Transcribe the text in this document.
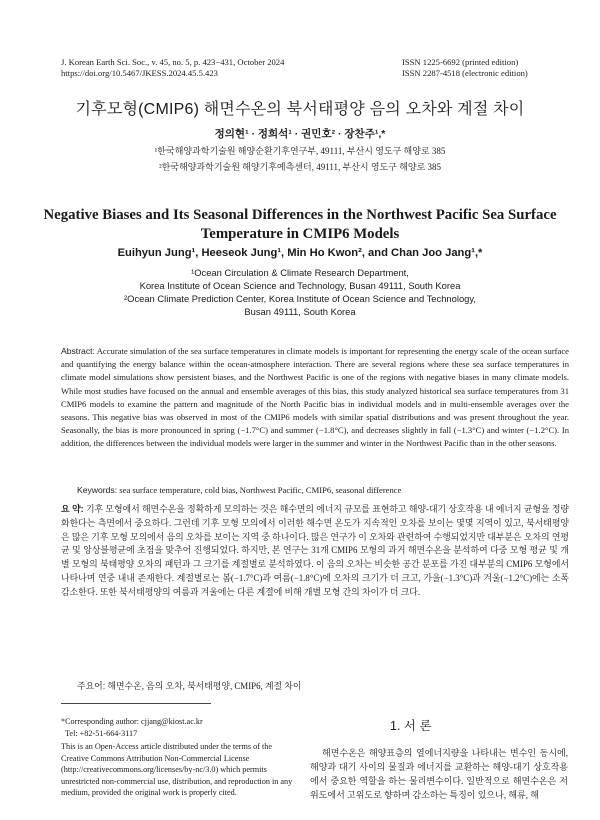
J. Korean Earth Sci. Soc., v. 45, no. 5, p. 423−431, October 2024
https://doi.org/10.5467/JKESS.2024.45.5.423
ISSN 1225-6692 (printed edition)
ISSN 2287-4518 (electronic edition)
기후모형(CMIP6) 해면수온의 북서태평양 음의 오차와 계절 차이
정의현¹ · 정희석¹ · 권민호² · 장찬주¹,*
¹한국해양과학기술원 해양순환기후연구부, 49111, 부산시 영도구 해양로 385
²한국해양과학기술원 해양기후예측센터, 49111, 부산시 영도구 해양로 385
Negative Biases and Its Seasonal Differences in the Northwest Pacific Sea Surface Temperature in CMIP6 Models
Euihyun Jung¹, Heeseok Jung¹, Min Ho Kwon², and Chan Joo Jang¹,*
¹Ocean Circulation & Climate Research Department,
Korea Institute of Ocean Science and Technology, Busan 49111, South Korea
²Ocean Climate Prediction Center, Korea Institute of Ocean Science and Technology,
Busan 49111, South Korea
Abstract: Accurate simulation of the sea surface temperatures in climate models is important for representing the energy scale of the ocean surface and quantifying the energy balance within the ocean-atmosphere interaction. There are several regions where these sea surface temperatures in climate model simulations show persistent biases, and the Northwest Pacific is one of the regions with negative biases in many climate models. While most studies have focused on the annual and ensemble averages of this bias, this study analyzed historical sea surface temperatures from 31 CMIP6 models to examine the pattern and magnitude of the North Pacific bias in individual models and in multi-ensemble averages over the seasons. This negative bias was observed in most of the CMIP6 models with similar spatial distributions and was present throughout the year. Seasonally, the bias is more pronounced in spring (−1.7°C) and summer (−1.8°C), and decreases slightly in fall (−1.3°C) and winter (−1.2°C). In addition, the differences between the individual models were larger in the summer and winter in the Northwest Pacific than in the other seasons.
Keywords: sea surface temperature, cold bias, Northwest Pacific, CMIP6, seasonal difference
요 약: 기후 모형에서 해면수온을 정확하게 모의하는 것은 해수면의 에너지 규모를 표현하고 해양-대기 상호작용 내 에너지 균형을 정량화한다는 측면에서 중요하다. 그런데 기후 모형 모의에서 이러한 해수면 온도가 지속적인 오차를 보이는 몇몇 지역이 있고, 북서태평양은 많은 기후 모형 모의에서 음의 오차를 보이는 지역 중 하나이다. 많은 연구가 이 오차와 관련하여 수행되었지만 대부분은 오차의 연평균 및 앙상블평균에 초점을 맞추어 진행되었다. 하지만, 본 연구는 31개 CMIP6 모형의 과거 해면수온을 분석하여 다중 모형 평균 및 개별 모형의 북태평양 오차의 패턴과 그 크기를 계절별로 분석하였다. 이 음의 오차는 비슷한 공간 분포를 가진 대부분의 CMIP6 모형에서 나타나며 연중 내내 존재한다. 계절별로는 봄(−1.7°C)과 여름(−1.8°C)에 오차의 크기가 더 크고, 가을(−1.3°C)과 겨울(−1.2°C)에는 소폭 감소한다. 또한 북서태평양의 여름과 겨울에는 다른 계절에 비해 개별 모형 간의 차이가 더 크다.
주요어: 해면수온, 음의 오차, 북서태평양, CMIP6, 계절 차이
*Corresponding author: cjjang@kiost.ac.kr
Tel: +82-51-664-3117
This is an Open-Access article distributed under the terms of the Creative Commons Attribution Non-Commercial License (http://creativecommons.org/licenses/by-nc/3.0) which permits unrestricted non-commercial use, distribution, and reproduction in any medium, provided the original work is properly cited.
1. 서 론
해면수온은 해양표층의 열에너지량을 나타내는 변수인 동시에, 해양과 대기 사이의 물질과 에너지를 교환하는 해양-대기 상호작용에서 중요한 역할을 하는 물리변수이다. 일반적으로 해면수온은 저위도에서 고위도로 향하며 감소하는 특징이 있으나, 해류, 해
